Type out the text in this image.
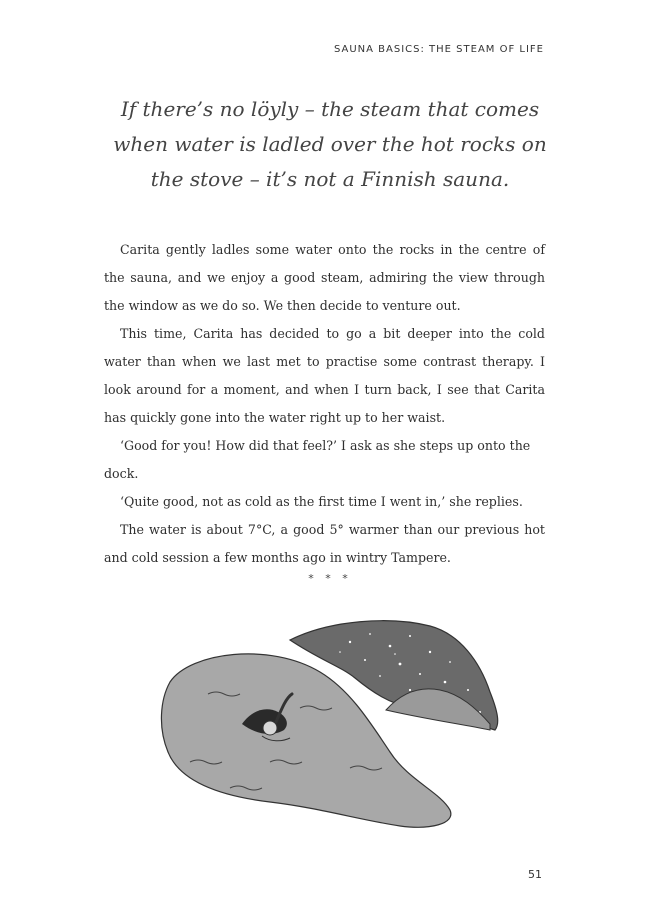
SAUNA BASICS: THE STEAM OF LIFE
If there’s no löyly – the steam that comes when water is ladled over the hot rocks on the stove – it’s not a Finnish sauna.

Carita gently ladles some water onto the rocks in the centre of the sauna, and we enjoy a good steam, admiring the view through the window as we do so. We then decide to venture out.

This time, Carita has decided to go a bit deeper into the cold water than when we last met to practise some contrast therapy. I look around for a moment, and when I turn back, I see that Carita has quickly gone into the water right up to her waist.

‘Good for you! How did that feel?’ I ask as she steps up onto the dock.

‘Quite good, not as cold as the first time I went in,’ she replies.

The water is about 7°C, a good 5° warmer than our previous hot and cold session a few months ago in wintry Tampere.

* * *
51
